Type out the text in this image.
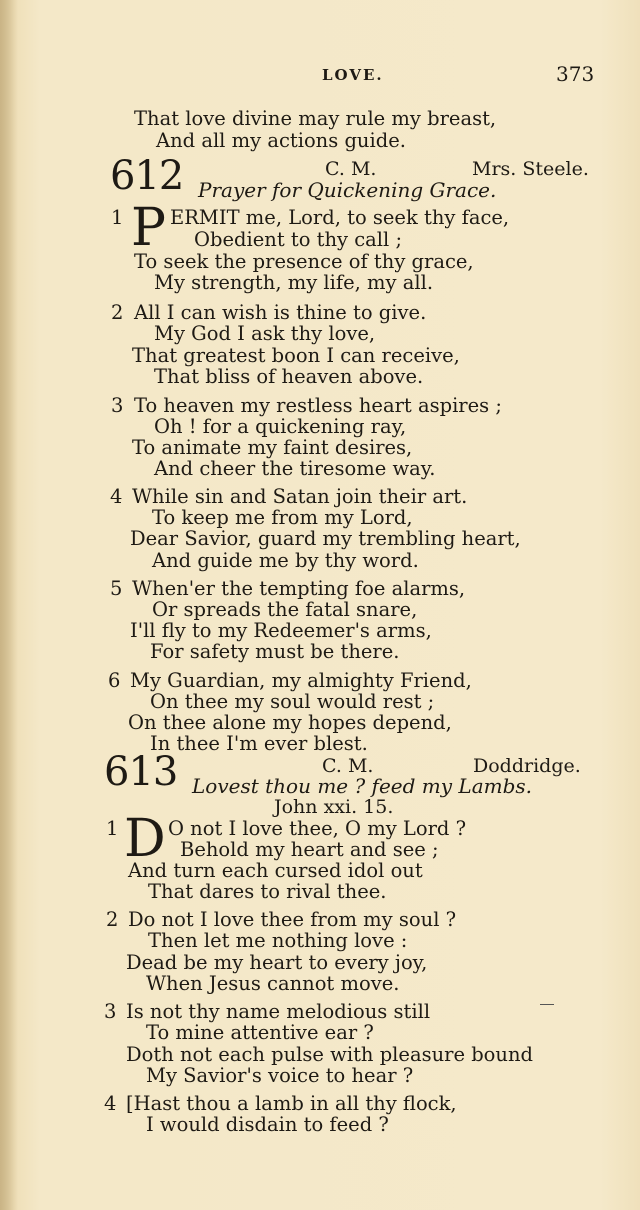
LOVE.	373
That love divine may rule my breast,
And all my actions guide.
612	C. M.	Mrs. Steele.
Prayer for Quickening Grace.
1 P ERMIT me, Lord, to seek thy face,
Obedient to thy call ;
To seek the presence of thy grace,
My strength, my life, my all.
2 All I can wish is thine to give.
My God I ask thy love,
That greatest boon I can receive,
That bliss of heaven above.
3 To heaven my restless heart aspires ;
Oh ! for a quickening ray,
To animate my faint desires,
And cheer the tiresome way.
4 While sin and Satan join their art.
To keep me from my Lord,
Dear Savior, guard my trembling heart,
And guide me by thy word.
5 When'er the tempting foe alarms,
Or spreads the fatal snare,
I'll fly to my Redeemer's arms,
For safety must be there.
6 My Guardian, my almighty Friend,
On thee my soul would rest ;
On thee alone my hopes depend,
In thee I'm ever blest.
613	C. M.	Doddridge.
Lovest thou me ? feed my Lambs.
John xxi. 15.
1 D O not I love thee, O my Lord ?
Behold my heart and see ;
And turn each cursed idol out
That dares to rival thee.
2 Do not I love thee from my soul ?
Then let me nothing love :
Dead be my heart to every joy,
When Jesus cannot move.
3 Is not thy name melodious still
To mine attentive ear ?
Doth not each pulse with pleasure bound
My Savior's voice to hear ?
4 [Hast thou a lamb in all thy flock,
I would disdain to feed ?
